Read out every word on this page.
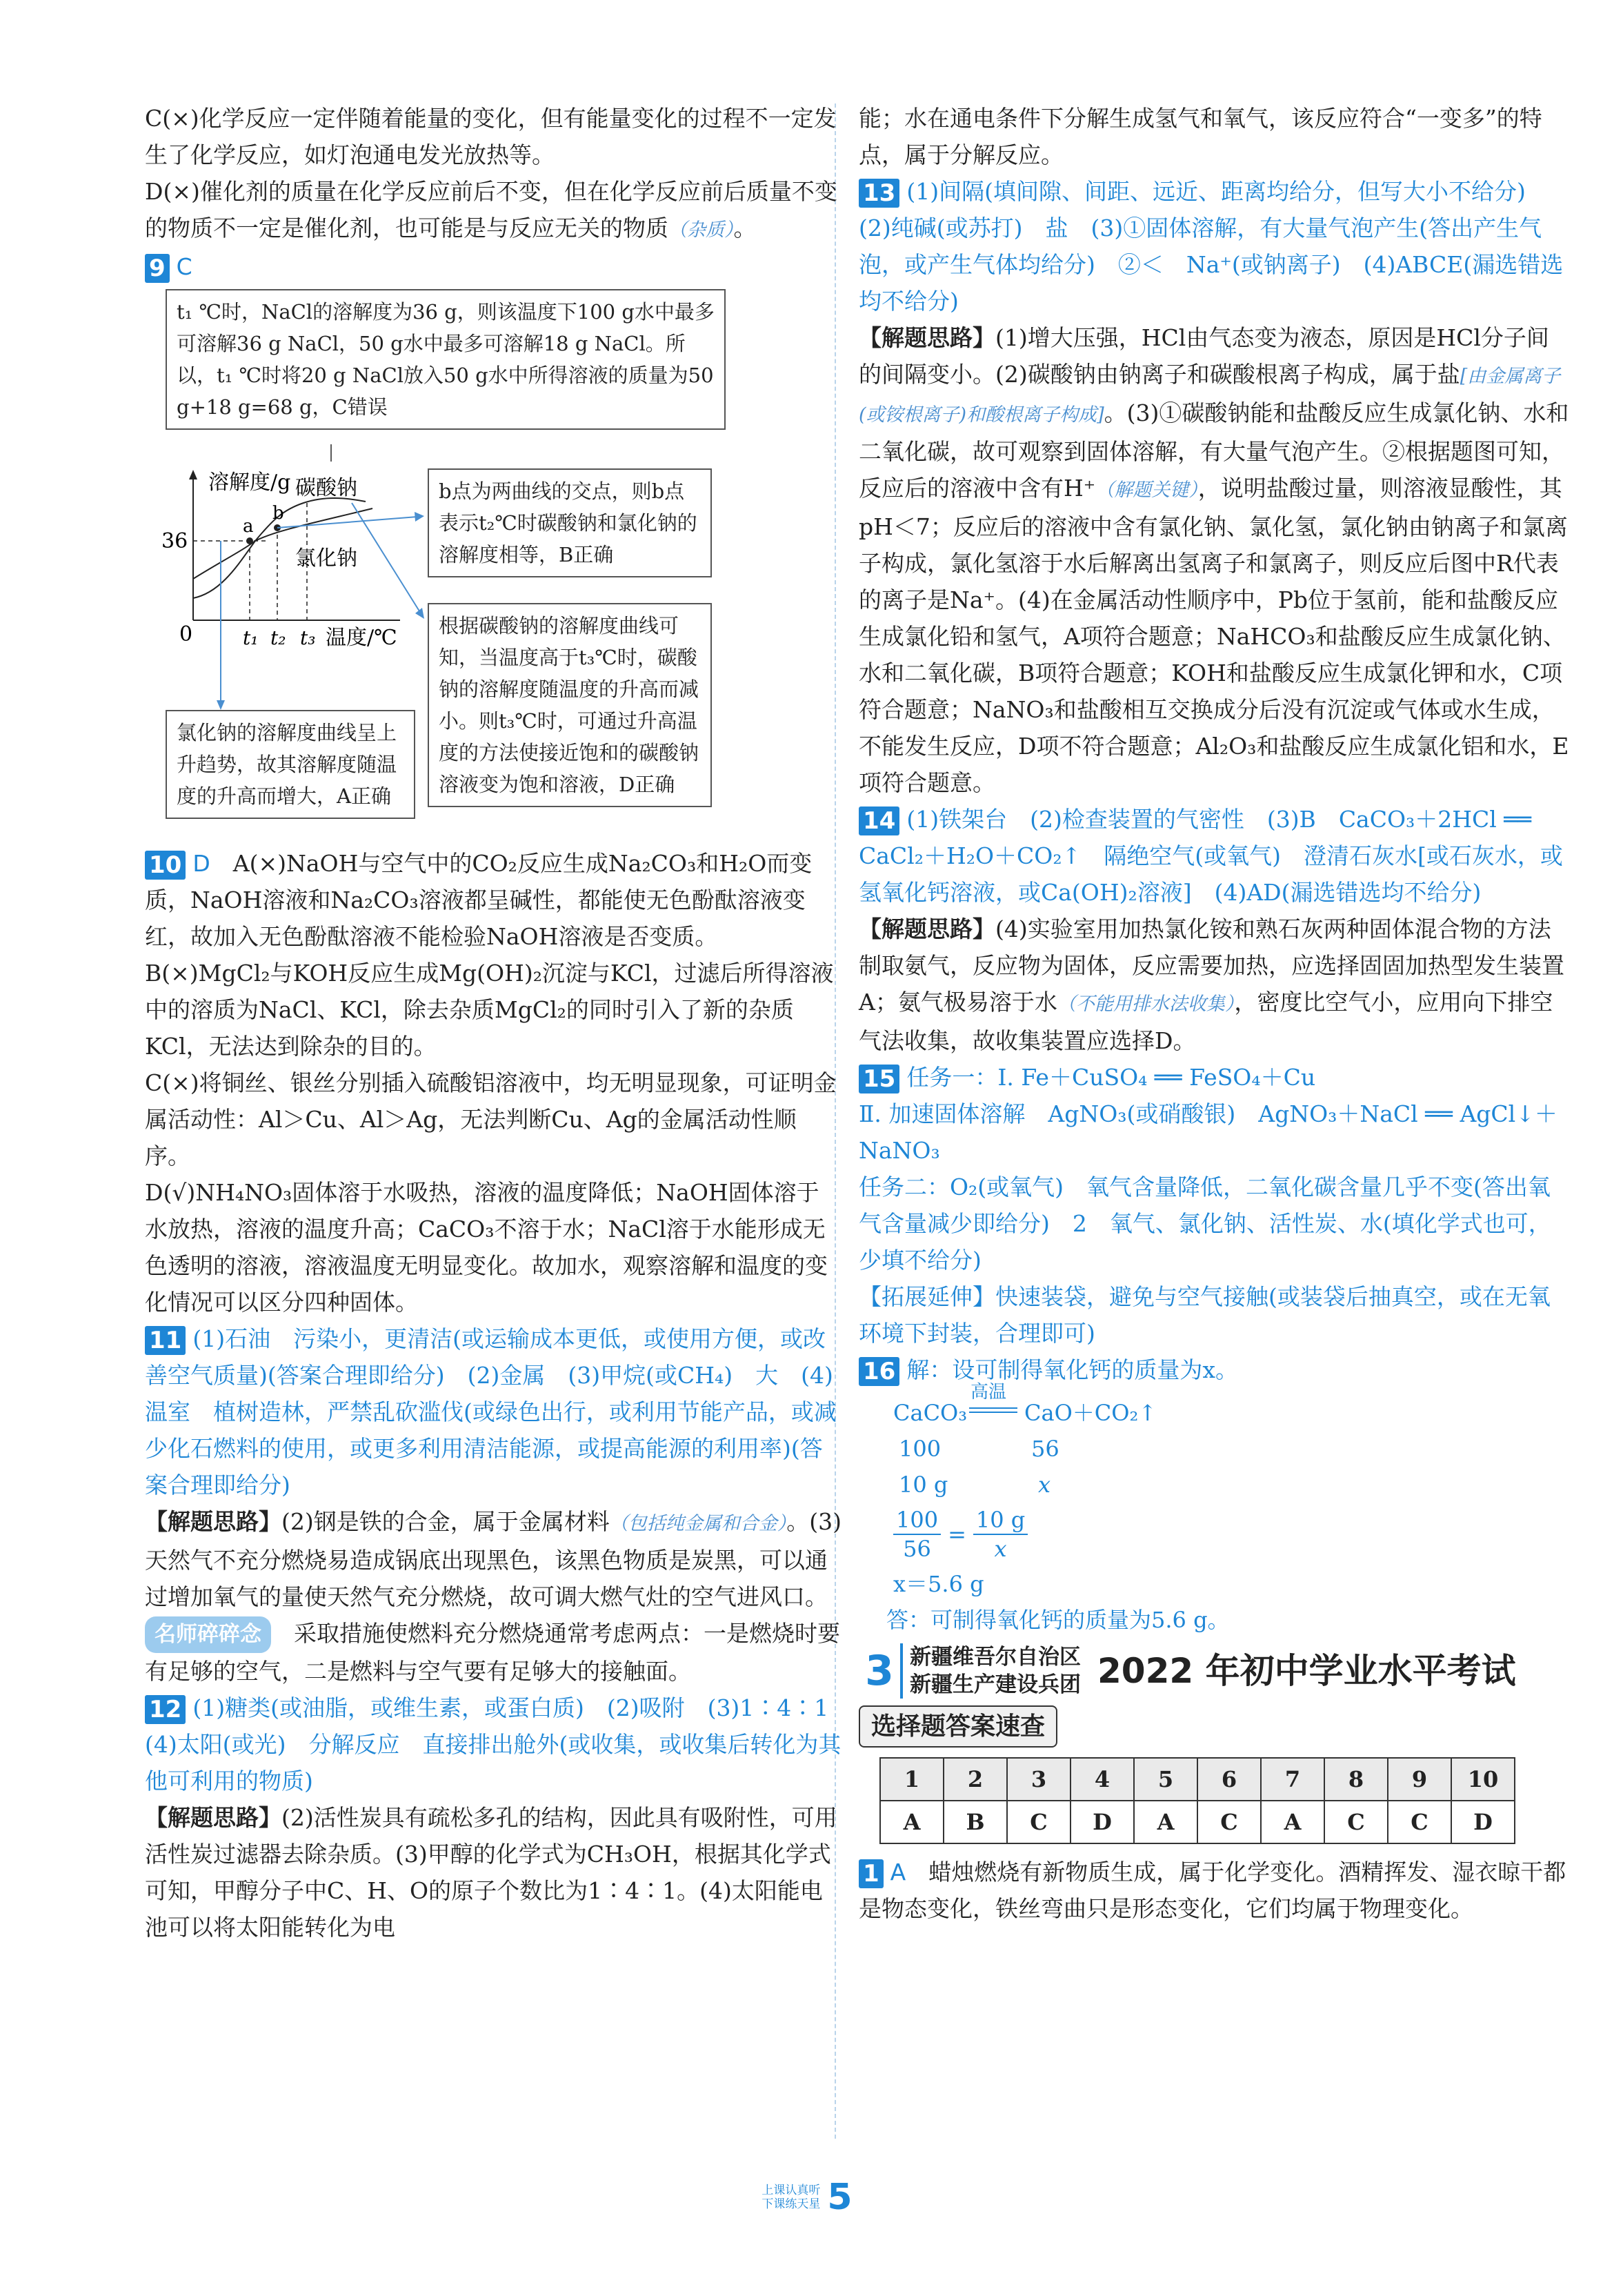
C(×)化学反应一定伴随着能量的变化，但有能量变化的过程不一定发生了化学反应，如灯泡通电发光放热等。

D(×)催化剂的质量在化学反应前后不变，但在化学反应前后质量不变的物质不一定是催化剂，也可能是与反应无关的物质（杂质）。

9 C

t₁ ℃时，NaCl的溶解度为36 g，则该温度下100 g水中最多可溶解36 g NaCl，50 g水中最多可溶解18 g NaCl。所以，t₁ ℃时将20 g NaCl放入50 g水中所得溶液的质量为50 g+18 g=68 g，C错误
溶解度/g
36
0	t₁ t₂ t₃ 温度/℃
a
b
碳酸钠
氯化钠
b点为两曲线的交点，则b点表示t₂℃时碳酸钠和氯化钠的溶解度相等，B正确
根据碳酸钠的溶解度曲线可知，当温度高于t₃℃时，碳酸钠的溶解度随温度的升高而减小。则t₃℃时，可通过升高温度的方法使接近饱和的碳酸钠溶液变为饱和溶液，D正确
氯化钠的溶解度曲线呈上升趋势，故其溶解度随温度的升高而增大，A正确

10 D　 A(×)NaOH与空气中的CO₂反应生成Na₂CO₃和H₂O而变质，NaOH溶液和Na₂CO₃溶液都呈碱性，都能使无色酚酞溶液变红，故加入无色酚酞溶液不能检验NaOH溶液是否变质。

B(×)MgCl₂与KOH反应生成Mg(OH)₂沉淀与KCl，过滤后所得溶液中的溶质为NaCl、KCl，除去杂质MgCl₂的同时引入了新的杂质KCl，无法达到除杂的目的。

C(×)将铜丝、银丝分别插入硫酸铝溶液中，均无明显现象，可证明金属活动性：Al＞Cu、Al＞Ag，无法判断Cu、Ag的金属活动性顺序。

D(√)NH₄NO₃固体溶于水吸热，溶液的温度降低；NaOH固体溶于水放热，溶液的温度升高；CaCO₃不溶于水；NaCl溶于水能形成无色透明的溶液，溶液温度无明显变化。故加水，观察溶解和温度的变化情况可以区分四种固体。

11 (1)石油　污染小，更清洁(或运输成本更低，或使用方便，或改善空气质量)(答案合理即给分)　(2)金属　(3)甲烷(或CH₄)　大　(4)温室　植树造林，严禁乱砍滥伐(或绿色出行，或利用节能产品，或减少化石燃料的使用，或更多利用清洁能源，或提高能源的利用率)(答案合理即给分)

【解题思路】(2)钢是铁的合金，属于金属材料（包括纯金属和合金）。(3)天然气不充分燃烧易造成锅底出现黑色，该黑色物质是炭黑，可以通过增加氧气的量使天然气充分燃烧，故可调大燃气灶的空气进风口。

名师碎碎念　 采取措施使燃料充分燃烧通常考虑两点：一是燃烧时要有足够的空气，二是燃料与空气要有足够大的接触面。

12 (1)糖类(或油脂，或维生素，或蛋白质)　(2)吸附　(3)1∶4∶1　(4)太阳(或光)　分解反应　直接排出舱外(或收集，或收集后转化为其他可利用的物质)

【解题思路】(2)活性炭具有疏松多孔的结构，因此具有吸附性，可用活性炭过滤器去除杂质。(3)甲醇的化学式为CH₃OH，根据其化学式可知，甲醇分子中C、H、O的原子个数比为1∶4∶1。(4)太阳能电池可以将太阳能转化为电

能；水在通电条件下分解生成氢气和氧气，该反应符合“一变多”的特点，属于分解反应。

13 (1)间隔(填间隙、间距、远近、距离均给分，但写大小不给分)　(2)纯碱(或苏打)　盐　(3)①固体溶解，有大量气泡产生(答出产生气泡，或产生气体均给分)　②＜　Na⁺(或钠离子)　(4)ABCE(漏选错选均不给分)

【解题思路】(1)增大压强，HCl由气态变为液态，原因是HCl分子间的间隔变小。(2)碳酸钠由钠离子和碳酸根离子构成，属于盐[由金属离子(或铵根离子)和酸根离子构成]。(3)①碳酸钠能和盐酸反应生成氯化钠、水和二氧化碳，故可观察到固体溶解，有大量气泡产生。②根据题图可知，反应后的溶液中含有H⁺（解题关键），说明盐酸过量，则溶液显酸性，其pH＜7；反应后的溶液中含有氯化钠、氯化氢，氯化钠由钠离子和氯离子构成，氯化氢溶于水后解离出氢离子和氯离子，则反应后图中R代表的离子是Na⁺。(4)在金属活动性顺序中，Pb位于氢前，能和盐酸反应生成氯化铅和氢气，A项符合题意；NaHCO₃和盐酸反应生成氯化钠、水和二氧化碳，B项符合题意；KOH和盐酸反应生成氯化钾和水，C项符合题意；NaNO₃和盐酸相互交换成分后没有沉淀或气体或水生成，不能发生反应，D项不符合题意；Al₂O₃和盐酸反应生成氯化铝和水，E项符合题意。

14 (1)铁架台　(2)检查装置的气密性　(3)B　CaCO₃＋2HCl ══ CaCl₂＋H₂O＋CO₂↑　隔绝空气(或氧气)　澄清石灰水[或石灰水，或氢氧化钙溶液，或Ca(OH)₂溶液]　(4)AD(漏选错选均不给分)

【解题思路】(4)实验室用加热氯化铵和熟石灰两种固体混合物的方法制取氨气，反应物为固体，反应需要加热，应选择固固加热型发生装置A；氨气极易溶于水（不能用排水法收集），密度比空气小，应用向下排空气法收集，故收集装置应选择D。

15 任务一：Ⅰ. Fe＋CuSO₄ ══ FeSO₄＋Cu

Ⅱ. 加速固体溶解　AgNO₃(或硝酸银)　AgNO₃＋NaCl ══ AgCl↓＋NaNO₃

任务二：O₂(或氧气)　氧气含量降低，二氧化碳含量几乎不变(答出氧气含量减少即给分)　2　氧气、氯化钠、活性炭、水(填化学式也可，少填不给分)

【拓展延伸】快速装袋，避免与空气接触(或装袋后抽真空，或在无氧环境下封装，合理即可)

16 解：设可制得氧化钙的质量为x。

CaCO₃
高温
CaO＋CO₂↑
100	56
10 g	x
$\frac{100}{56} = \frac{10 g}{x}$
x＝5.6 g
答：可制得氧化钙的质量为5.6 g。
3 新疆维吾尔自治区
新疆生产建设兵团 2022 年初中学业水平考试
选择题答案速查
1	2	3	4	5	6	7	8	9	10
A	B	C	D	A	C	A	C	C	D

1 A　 蜡烛燃烧有新物质生成，属于化学变化。酒精挥发、湿衣晾干都是物态变化，铁丝弯曲只是形态变化，它们均属于物理变化。

上课认真听
下课练天星 5
